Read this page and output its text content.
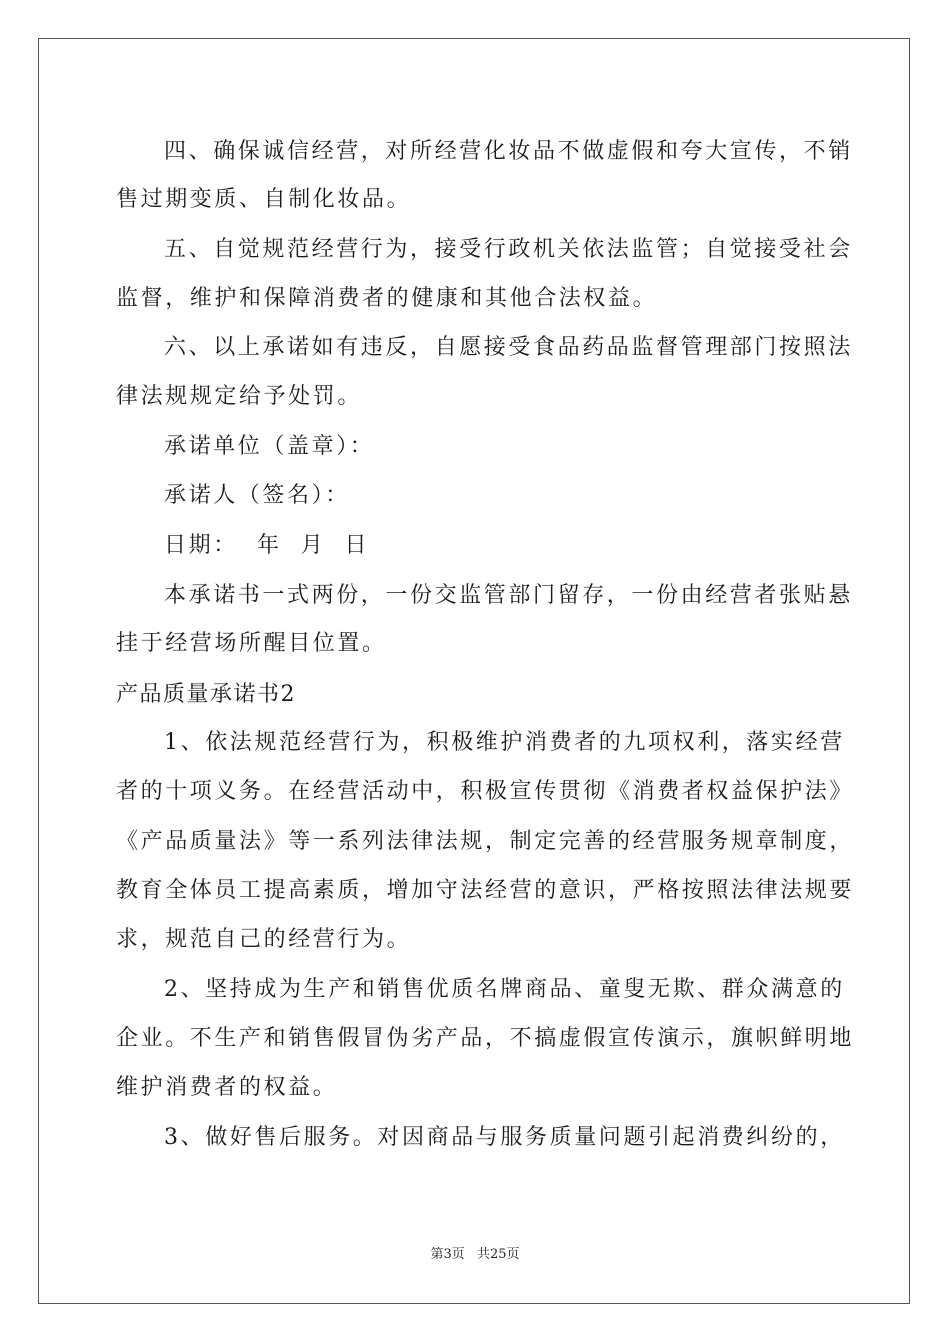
四、确保诚信经营，对所经营化妆品不做虚假和夸大宣传，不销
售过期变质、自制化妆品。
五、自觉规范经营行为，接受行政机关依法监管；自觉接受社会
监督，维护和保障消费者的健康和其他合法权益。
六、以上承诺如有违反，自愿接受食品药品监督管理部门按照法
律法规规定给予处罚。
承诺单位（盖章）：
承诺人（签名）：
日期：  年  月  日
本承诺书一式两份，一份交监管部门留存，一份由经营者张贴悬
挂于经营场所醒目位置。
产品质量承诺书2
1、依法规范经营行为，积极维护消费者的九项权利，落实经营
者的十项义务。在经营活动中，积极宣传贯彻《消费者权益保护法》
《产品质量法》等一系列法律法规，制定完善的经营服务规章制度，
教育全体员工提高素质，增加守法经营的意识，严格按照法律法规要
求，规范自己的经营行为。
2、坚持成为生产和销售优质名牌商品、童叟无欺、群众满意的
企业。不生产和销售假冒伪劣产品，不搞虚假宣传演示，旗帜鲜明地
维护消费者的权益。
3、做好售后服务。对因商品与服务质量问题引起消费纠纷的，
第3页 共25页
